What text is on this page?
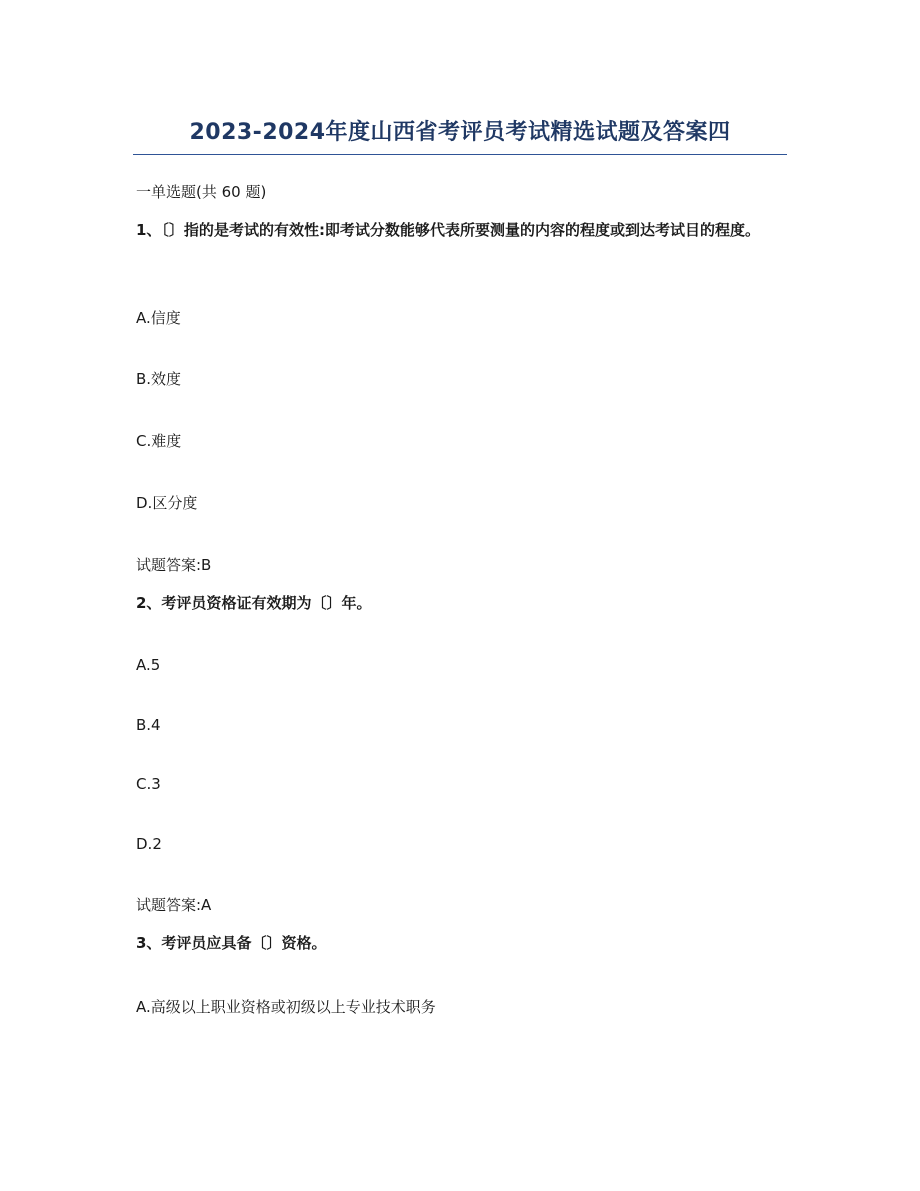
2023-2024年度山西省考评员考试精选试题及答案四
一单选题(共 60 题)
1、〔〕指的是考试的有效性:即考试分数能够代表所要测量的内容的程度或到达考试目的程度。
A.信度
B.效度
C.难度
D.区分度
试题答案:B
2、考评员资格证有效期为〔〕年。
A.5
B.4
C.3
D.2
试题答案:A
3、考评员应具备〔〕资格。
A.高级以上职业资格或初级以上专业技术职务
